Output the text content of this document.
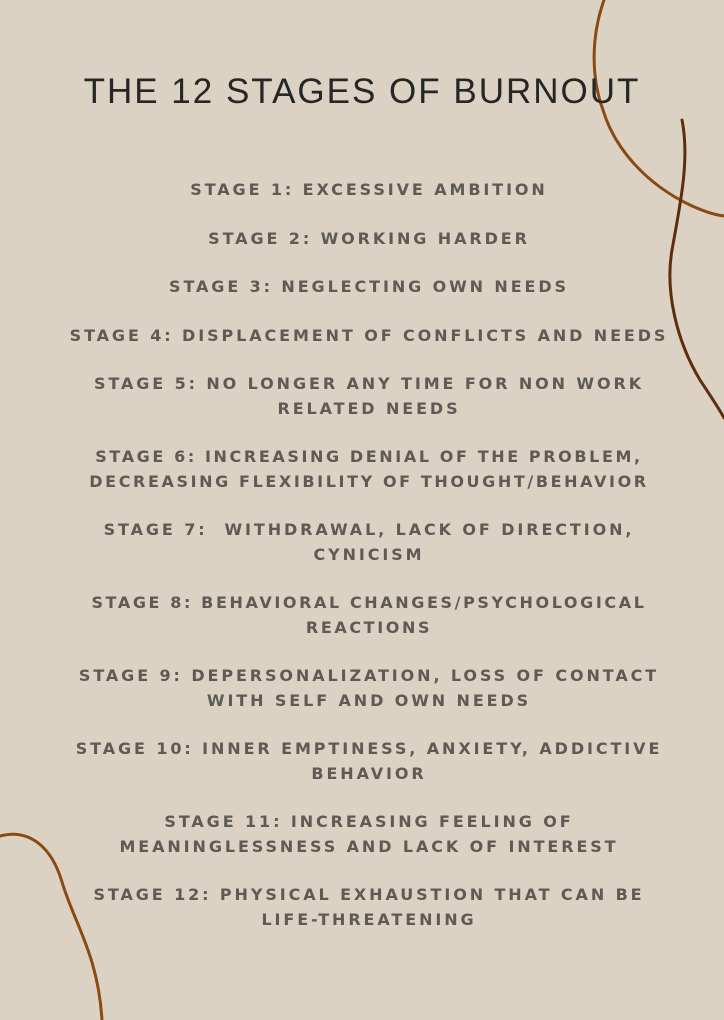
THE 12 STAGES OF BURNOUT
STAGE 1: EXCESSIVE AMBITION
STAGE 2: WORKING HARDER
STAGE 3: NEGLECTING OWN NEEDS
STAGE 4: DISPLACEMENT OF CONFLICTS AND NEEDS
STAGE 5: NO LONGER ANY TIME FOR NON WORK RELATED NEEDS
STAGE 6: INCREASING DENIAL OF THE PROBLEM, DECREASING FLEXIBILITY OF THOUGHT/BEHAVIOR
STAGE 7:  WITHDRAWAL, LACK OF DIRECTION, CYNICISM
STAGE 8: BEHAVIORAL CHANGES/PSYCHOLOGICAL REACTIONS
STAGE 9: DEPERSONALIZATION, LOSS OF CONTACT WITH SELF AND OWN NEEDS
STAGE 10: INNER EMPTINESS, ANXIETY, ADDICTIVE BEHAVIOR
STAGE 11: INCREASING FEELING OF MEANINGLESSNESS AND LACK OF INTEREST
STAGE 12: PHYSICAL EXHAUSTION THAT CAN BE LIFE-THREATENING
